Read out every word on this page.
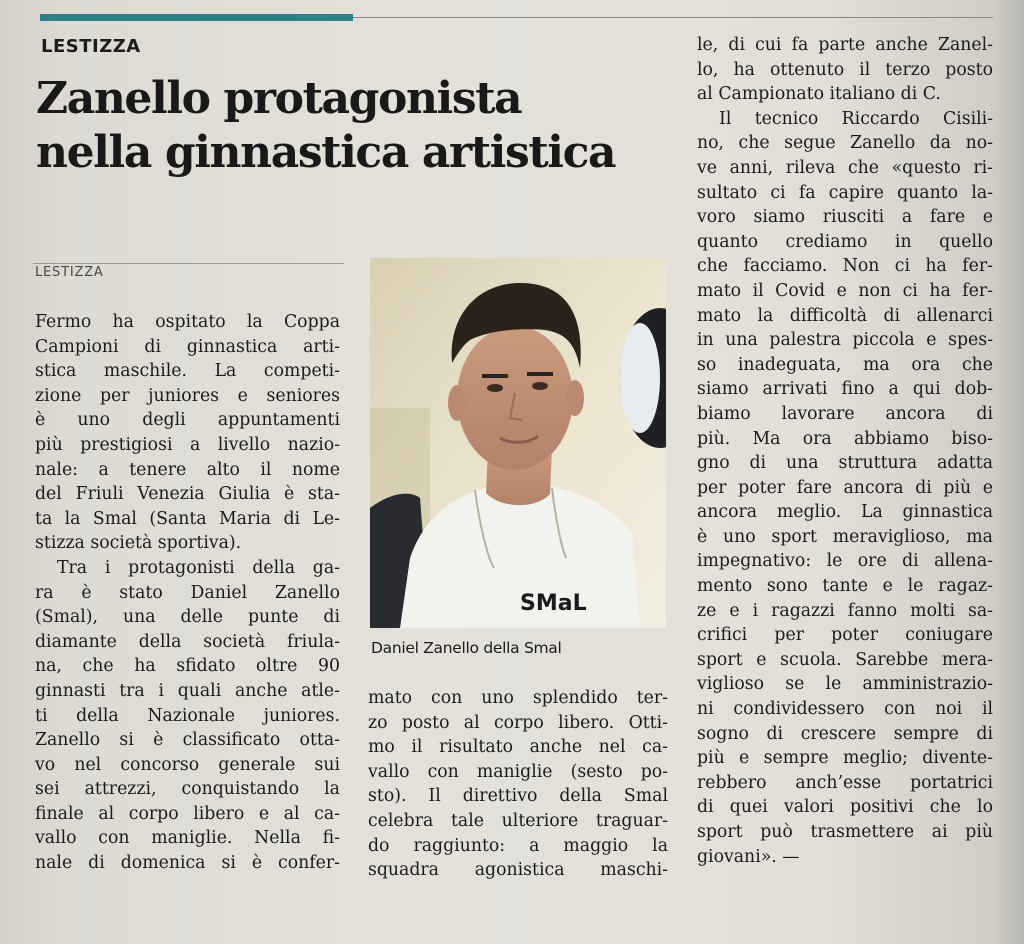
LESTIZZA
Zanello protagonista
nella ginnastica artistica
LESTIZZA
Fermo ha ospitato la Coppa
Campioni di ginnastica arti-
stica maschile. La competi-
zione per juniores e seniores
è uno degli appuntamenti
più prestigiosi a livello nazio-
nale: a tenere alto il nome
del Friuli Venezia Giulia è sta-
ta la Smal (Santa Maria di Le-
stizza società sportiva).
Tra i protagonisti della ga-
ra è stato Daniel Zanello
(Smal), una delle punte di
diamante della società friula-
na, che ha sfidato oltre 90
ginnasti tra i quali anche atle-
ti della Nazionale juniores.
Zanello si è classificato otta-
vo nel concorso generale sui
sei attrezzi, conquistando la
finale al corpo libero e al ca-
vallo con maniglie. Nella fi-
nale di domenica si è confer-
SMaL
Daniel Zanello della Smal
mato con uno splendido ter-
zo posto al corpo libero. Otti-
mo il risultato anche nel ca-
vallo con maniglie (sesto po-
sto). Il direttivo della Smal
celebra tale ulteriore traguar-
do raggiunto: a maggio la
squadra agonistica maschi-
le, di cui fa parte anche Zanel-
lo, ha ottenuto il terzo posto
al Campionato italiano di C.
Il tecnico Riccardo Cisili-
no, che segue Zanello da no-
ve anni, rileva che «questo ri-
sultato ci fa capire quanto la-
voro siamo riusciti a fare e
quanto crediamo in quello
che facciamo. Non ci ha fer-
mato il Covid e non ci ha fer-
mato la difficoltà di allenarci
in una palestra piccola e spes-
so inadeguata, ma ora che
siamo arrivati fino a qui dob-
biamo lavorare ancora di
più. Ma ora abbiamo biso-
gno di una struttura adatta
per poter fare ancora di più e
ancora meglio. La ginnastica
è uno sport meraviglioso, ma
impegnativo: le ore di allena-
mento sono tante e le ragaz-
ze e i ragazzi fanno molti sa-
crifici per poter coniugare
sport e scuola. Sarebbe mera-
viglioso se le amministrazio-
ni condividessero con noi il
sogno di crescere sempre di
più e sempre meglio; divente-
rebbero anch’esse portatrici
di quei valori positivi che lo
sport può trasmettere ai più
giovani». —
